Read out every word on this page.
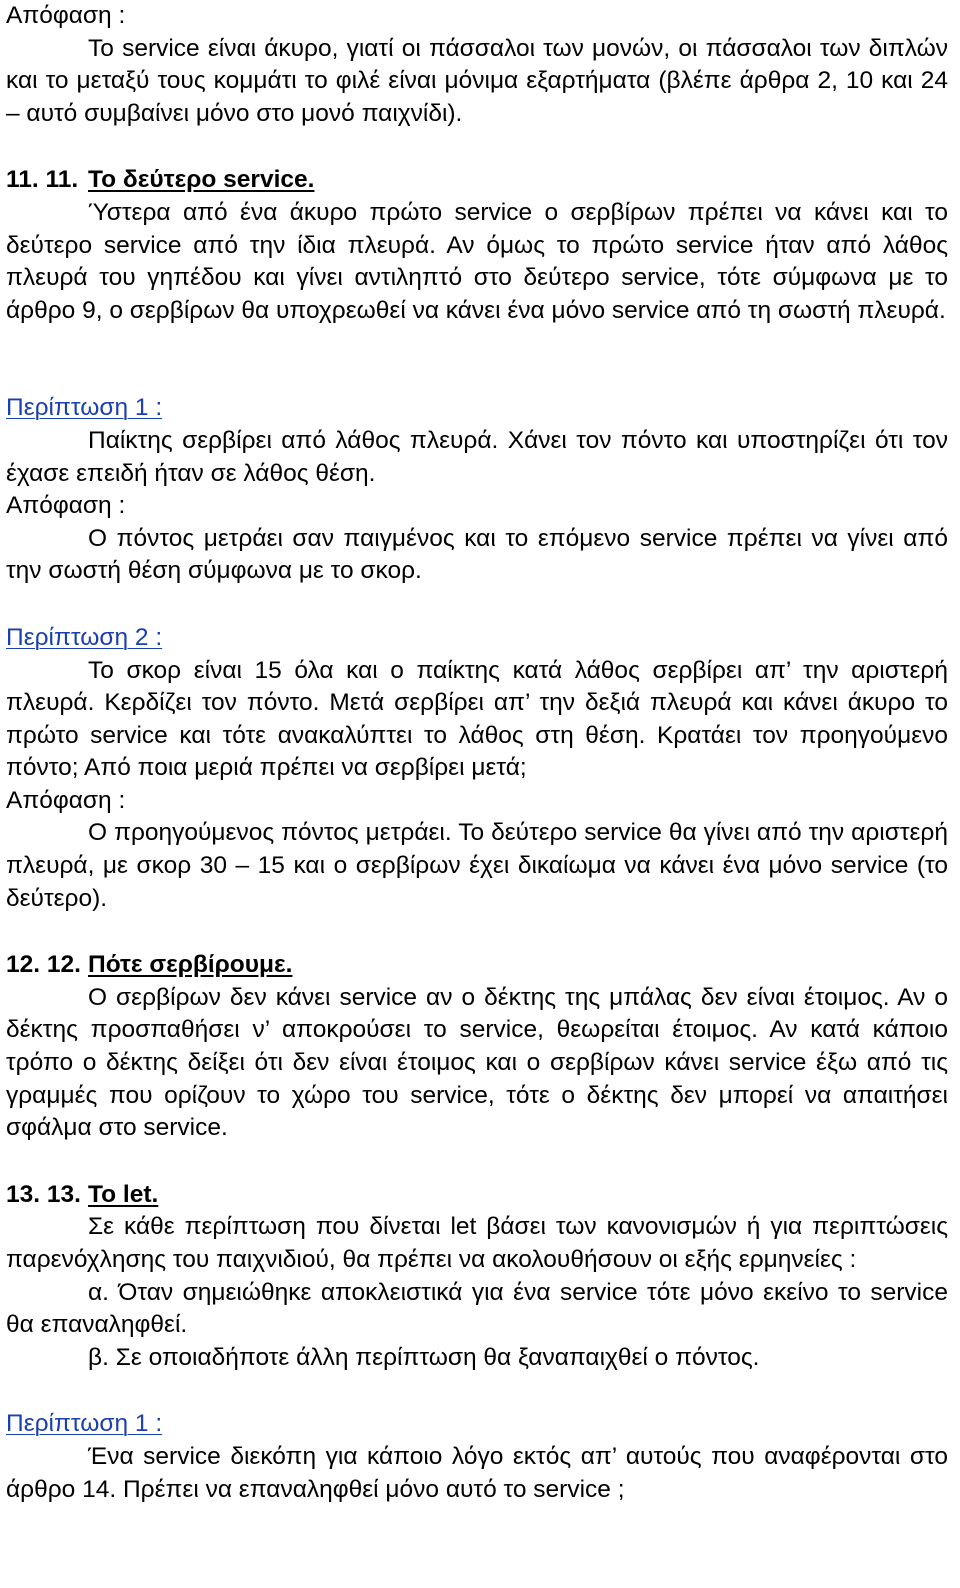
Απόφαση :

Το service είναι άκυρο, γιατί οι πάσσαλοι των μονών, οι πάσσαλοι των διπλών και το μεταξύ τους κομμάτι το φιλέ είναι μόνιμα εξαρτήματα (βλέπε άρθρα 2, 10 και 24 – αυτό συμβαίνει μόνο στο μονό παιχνίδι).

11. 11. Το δεύτερο service.

Ύστερα από ένα άκυρο πρώτο service ο σερβίρων πρέπει να κάνει και το δεύτερο service από την ίδια πλευρά. Αν όμως το πρώτο service ήταν από λάθος πλευρά του γηπέδου και γίνει αντιληπτό στο δεύτερο service, τότε σύμφωνα με το άρθρο 9, ο σερβίρων θα υποχρεωθεί να κάνει ένα μόνο service από τη σωστή πλευρά.

Περίπτωση 1 :

Παίκτης σερβίρει από λάθος πλευρά. Χάνει τον πόντο και υποστηρίζει ότι τον έχασε επειδή ήταν σε λάθος θέση.

Απόφαση :

Ο πόντος μετράει σαν παιγμένος και το επόμενο service πρέπει να γίνει από την σωστή θέση σύμφωνα με το σκορ.

Περίπτωση 2 :

Το σκορ είναι 15 όλα και ο παίκτης κατά λάθος σερβίρει απ’ την αριστερή πλευρά. Κερδίζει τον πόντο. Μετά σερβίρει απ’ την δεξιά πλευρά και κάνει άκυρο το πρώτο service και τότε ανακαλύπτει το λάθος στη θέση. Κρατάει τον προηγούμενο πόντο; Από ποια μεριά πρέπει να σερβίρει μετά;

Απόφαση :

Ο προηγούμενος πόντος μετράει. Το δεύτερο service θα γίνει από την αριστερή πλευρά, με σκορ 30 – 15 και ο σερβίρων έχει δικαίωμα να κάνει ένα μόνο service (το δεύτερο).

12. 12. Πότε σερβίρουμε.

Ο σερβίρων δεν κάνει service αν ο δέκτης της μπάλας δεν είναι έτοιμος. Αν ο δέκτης προσπαθήσει ν’ αποκρούσει το service, θεωρείται έτοιμος. Αν κατά κάποιο τρόπο ο δέκτης δείξει ότι δεν είναι έτοιμος και ο σερβίρων κάνει service έξω από τις γραμμές που ορίζουν το χώρο του service, τότε ο δέκτης δεν μπορεί να απαιτήσει σφάλμα στο service.

13. 13. Το let.

Σε κάθε περίπτωση που δίνεται let βάσει των κανονισμών ή για περιπτώσεις παρενόχλησης του παιχνιδιού, θα πρέπει να ακολουθήσουν οι εξής ερμηνείες :

α. Όταν σημειώθηκε αποκλειστικά για ένα service τότε μόνο εκείνο το service θα επαναληφθεί.

β. Σε οποιαδήποτε άλλη περίπτωση θα ξαναπαιχθεί ο πόντος.

Περίπτωση 1 :

Ένα service διεκόπη για κάποιο λόγο εκτός απ’ αυτούς που αναφέρονται στο άρθρο 14. Πρέπει να επαναληφθεί μόνο αυτό το service ;
